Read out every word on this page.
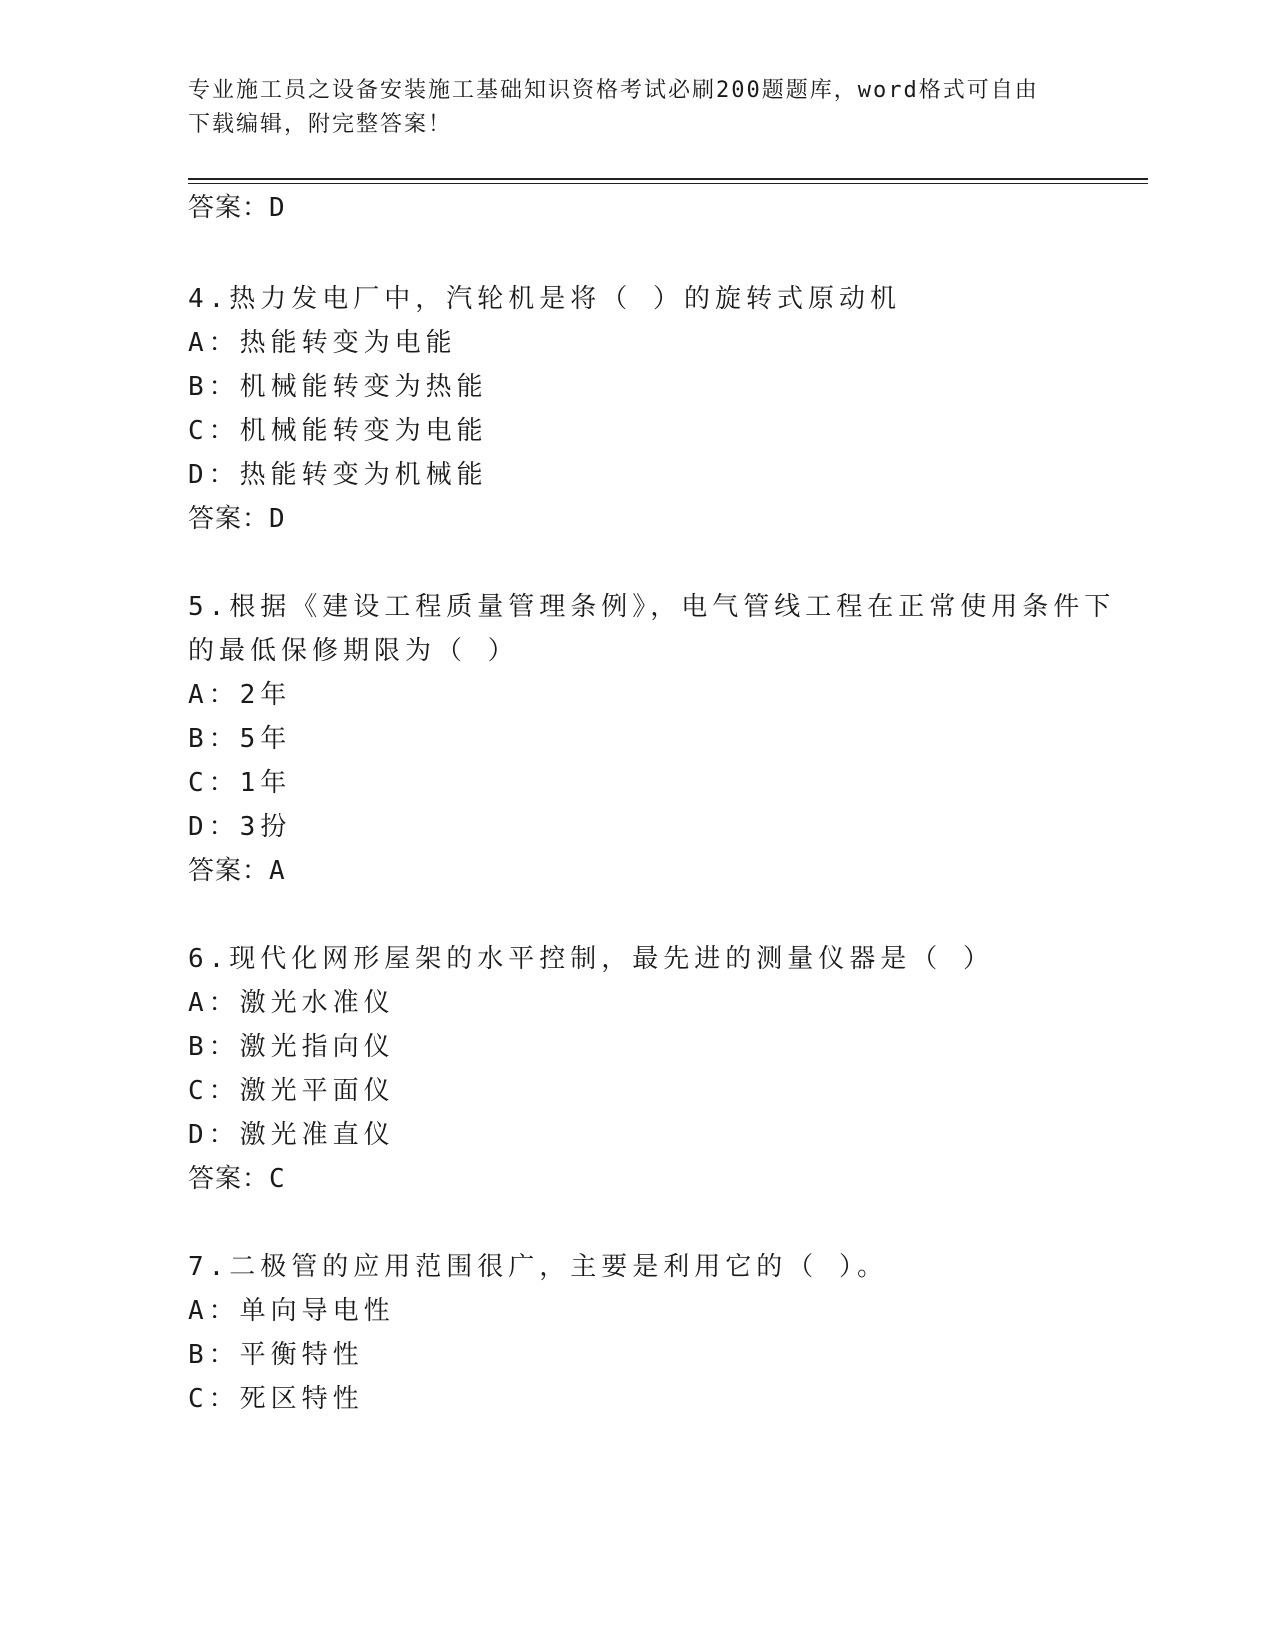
专业施工员之设备安装施工基础知识资格考试必刷200题题库，word格式可自由
下载编辑，附完整答案！
答案：D
4.热力发电厂中，汽轮机是将（ ）的旋转式原动机
A：热能转变为电能
B：机械能转变为热能
C：机械能转变为电能
D：热能转变为机械能
答案：D
5.根据《建设工程质量管理条例》，电气管线工程在正常使用条件下
的最低保修期限为（ ）
A：2年
B：5年
C：1年
D：3扮
答案：A
6.现代化网形屋架的水平控制，最先进的测量仪器是（ ）
A：激光水准仪
B：激光指向仪
C：激光平面仪
D：激光准直仪
答案：C
7.二极管的应用范围很广，主要是利用它的（ ）。
A：单向导电性
B：平衡特性
C：死区特性
